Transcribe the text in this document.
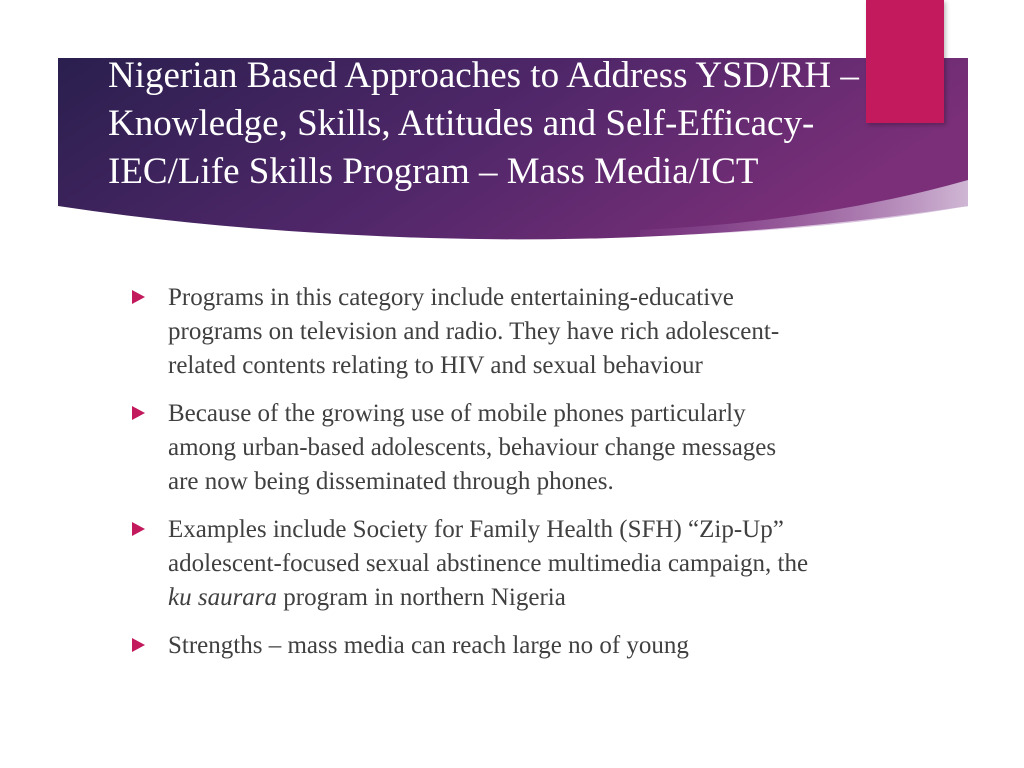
Nigerian Based Approaches to Address YSD/RH – Knowledge, Skills, Attitudes and Self-Efficacy- IEC/Life Skills Program – Mass Media/ICT
Programs in this category include entertaining-educative programs on television and radio. They have rich adolescent-related contents relating to HIV and sexual behaviour
Because of the growing use of mobile phones particularly among urban-based adolescents, behaviour change messages are now being disseminated through phones.
Examples include Society for Family Health (SFH) “Zip-Up” adolescent-focused sexual abstinence multimedia campaign, the ku saurara program in northern Nigeria
Strengths – mass media can reach large no of young
